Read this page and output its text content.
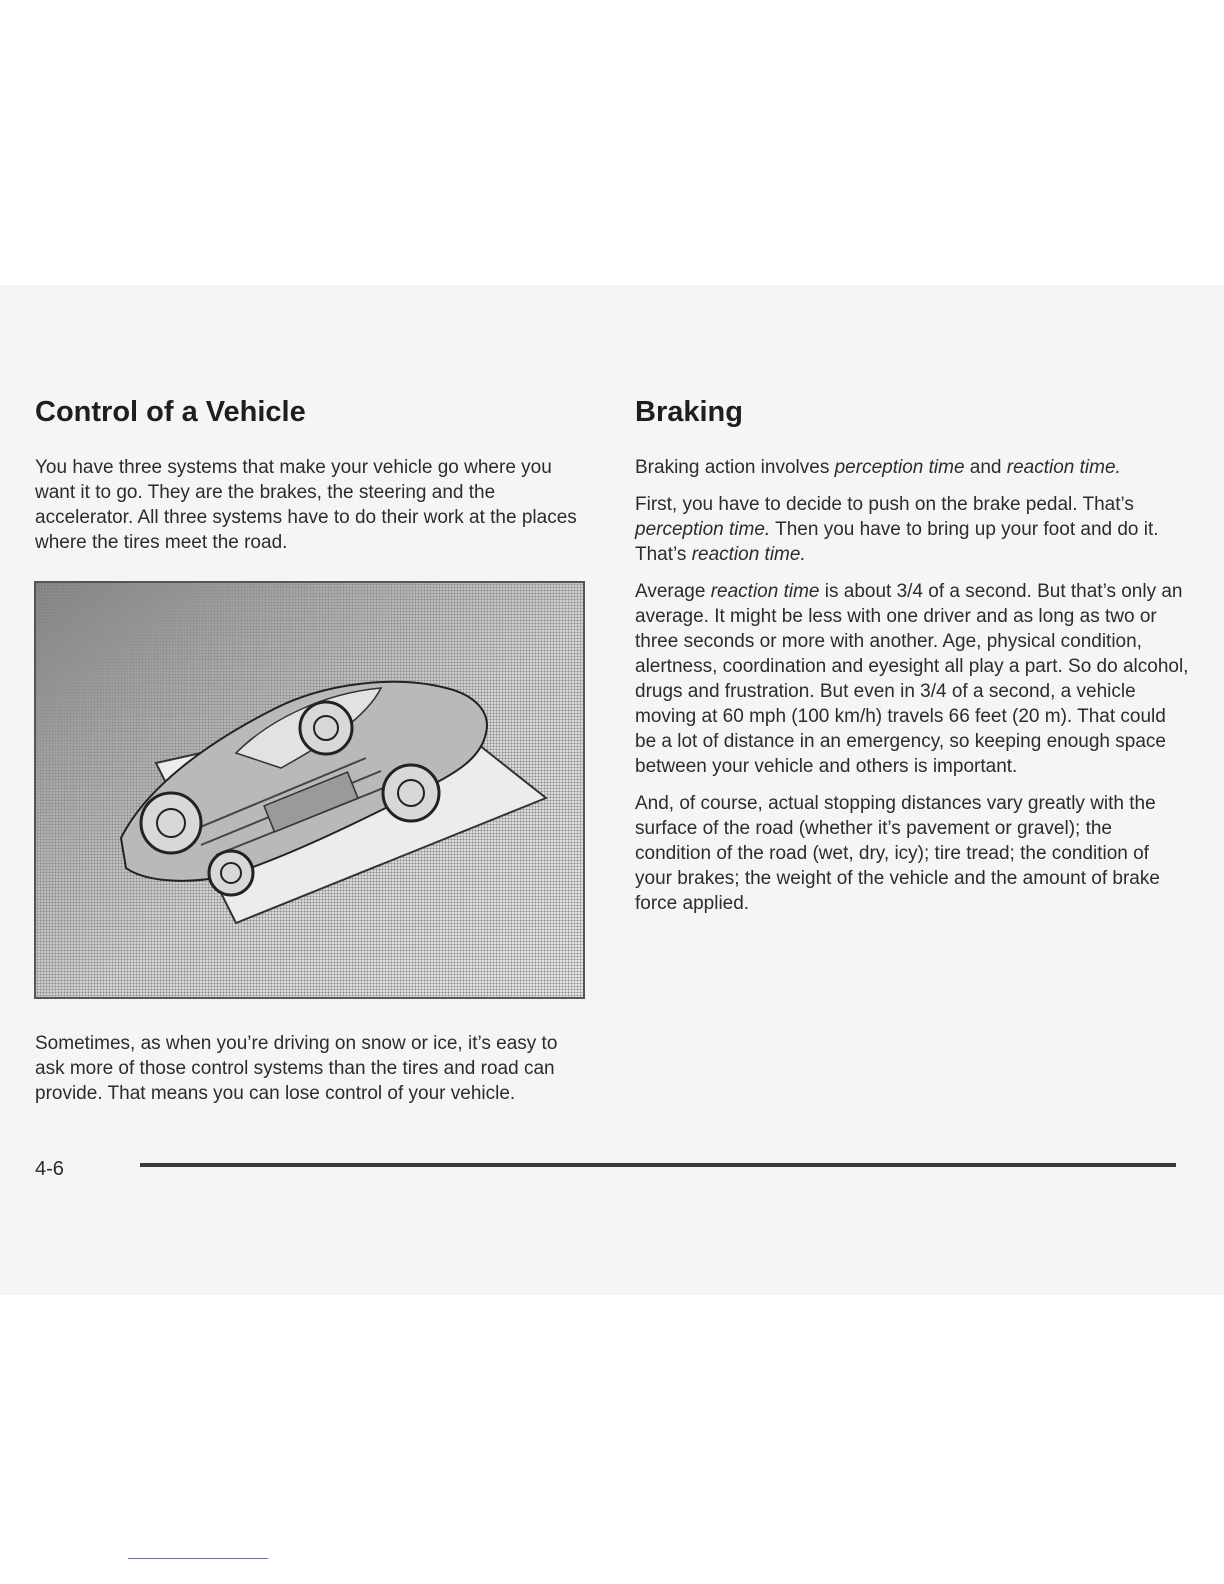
Control of a Vehicle

You have three systems that make your vehicle go where you want it to go. They are the brakes, the steering and the accelerator. All three systems have to do their work at the places where the tires meet the road.

Sometimes, as when you’re driving on snow or ice, it’s easy to ask more of those control systems than the tires and road can provide. That means you can lose control of your vehicle.

Braking

Braking action involves perception time and reaction time.

First, you have to decide to push on the brake pedal. That’s perception time. Then you have to bring up your foot and do it. That’s reaction time.

Average reaction time is about 3/4 of a second. But that’s only an average. It might be less with one driver and as long as two or three seconds or more with another. Age, physical condition, alertness, coordination and eyesight all play a part. So do alcohol, drugs and frustration. But even in 3/4 of a second, a vehicle moving at 60 mph (100 km/h) travels 66 feet (20 m). That could be a lot of distance in an emergency, so keeping enough space between your vehicle and others is important.

And, of course, actual stopping distances vary greatly with the surface of the road (whether it’s pavement or gravel); the condition of the road (wet, dry, icy); tire tread; the condition of your brakes; the weight of the vehicle and the amount of brake force applied.

4-6
